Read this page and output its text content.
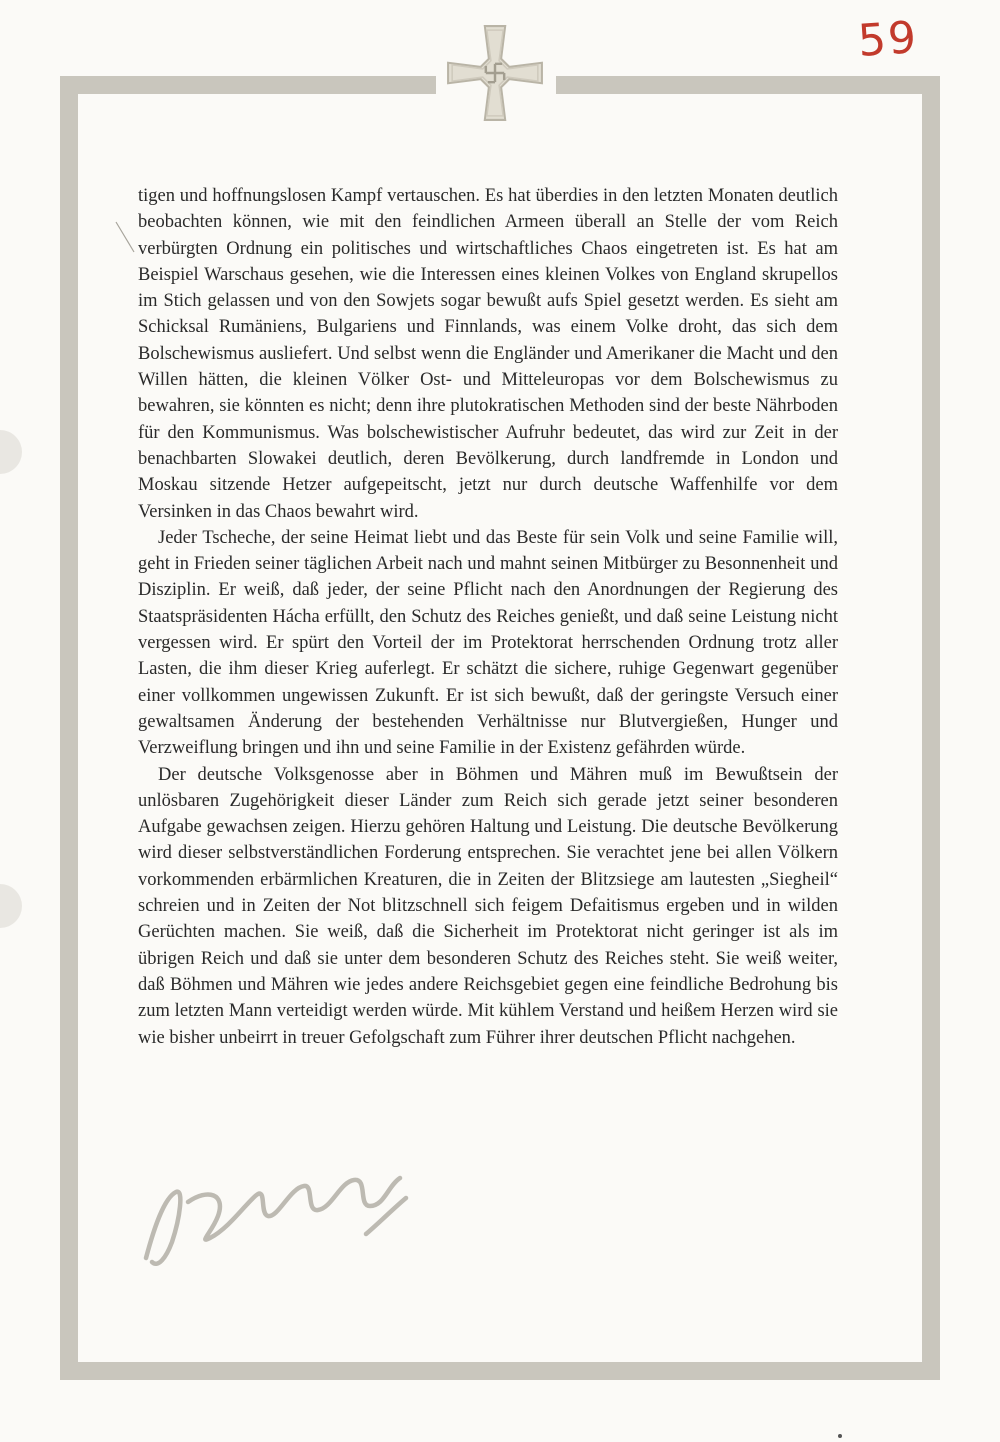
59

tigen und hoffnungslosen Kampf vertauschen. Es hat überdies in den letzten Monaten deutlich beobachten können, wie mit den feindlichen Armeen überall an Stelle der vom Reich verbürgten Ordnung ein politisches und wirtschaftliches Chaos eingetreten ist. Es hat am Beispiel Warschaus gesehen, wie die Interessen eines kleinen Volkes von England skrupellos im Stich gelassen und von den Sowjets sogar bewußt aufs Spiel gesetzt werden. Es sieht am Schicksal Rumäniens, Bulgariens und Finnlands, was einem Volke droht, das sich dem Bolschewismus ausliefert. Und selbst wenn die Engländer und Amerikaner die Macht und den Willen hätten, die kleinen Völker Ost- und Mitteleuropas vor dem Bolschewismus zu bewahren, sie könnten es nicht; denn ihre plutokratischen Methoden sind der beste Nährboden für den Kommunismus. Was bolschewistischer Aufruhr bedeutet, das wird zur Zeit in der benachbarten Slowakei deutlich, deren Bevölkerung, durch landfremde in London und Moskau sitzende Hetzer aufgepeitscht, jetzt nur durch deutsche Waffenhilfe vor dem Versinken in das Chaos bewahrt wird.

Jeder Tscheche, der seine Heimat liebt und das Beste für sein Volk und seine Familie will, geht in Frieden seiner täglichen Arbeit nach und mahnt seinen Mitbürger zu Besonnenheit und Disziplin. Er weiß, daß jeder, der seine Pflicht nach den Anordnungen der Regierung des Staatspräsidenten Hácha erfüllt, den Schutz des Reiches genießt, und daß seine Leistung nicht vergessen wird. Er spürt den Vorteil der im Protektorat herrschenden Ordnung trotz aller Lasten, die ihm dieser Krieg auferlegt. Er schätzt die sichere, ruhige Gegenwart gegenüber einer vollkommen ungewissen Zukunft. Er ist sich bewußt, daß der geringste Versuch einer gewaltsamen Änderung der bestehenden Verhältnisse nur Blutvergießen, Hunger und Verzweiflung bringen und ihn und seine Familie in der Existenz gefährden würde.

Der deutsche Volksgenosse aber in Böhmen und Mähren muß im Bewußtsein der unlösbaren Zugehörigkeit dieser Länder zum Reich sich gerade jetzt seiner besonderen Aufgabe gewachsen zeigen. Hierzu gehören Haltung und Leistung. Die deutsche Bevölkerung wird dieser selbstverständlichen Forderung entsprechen. Sie verachtet jene bei allen Völkern vorkommenden erbärmlichen Kreaturen, die in Zeiten der Blitzsiege am lautesten „Siegheil“ schreien und in Zeiten der Not blitzschnell sich feigem Defaitismus ergeben und in wilden Gerüchten machen. Sie weiß, daß die Sicherheit im Protektorat nicht geringer ist als im übrigen Reich und daß sie unter dem besonderen Schutz des Reiches steht. Sie weiß weiter, daß Böhmen und Mähren wie jedes andere Reichsgebiet gegen eine feindliche Bedrohung bis zum letzten Mann verteidigt werden würde. Mit kühlem Verstand und heißem Herzen wird sie wie bisher unbeirrt in treuer Gefolgschaft zum Führer ihrer deutschen Pflicht nachgehen.
